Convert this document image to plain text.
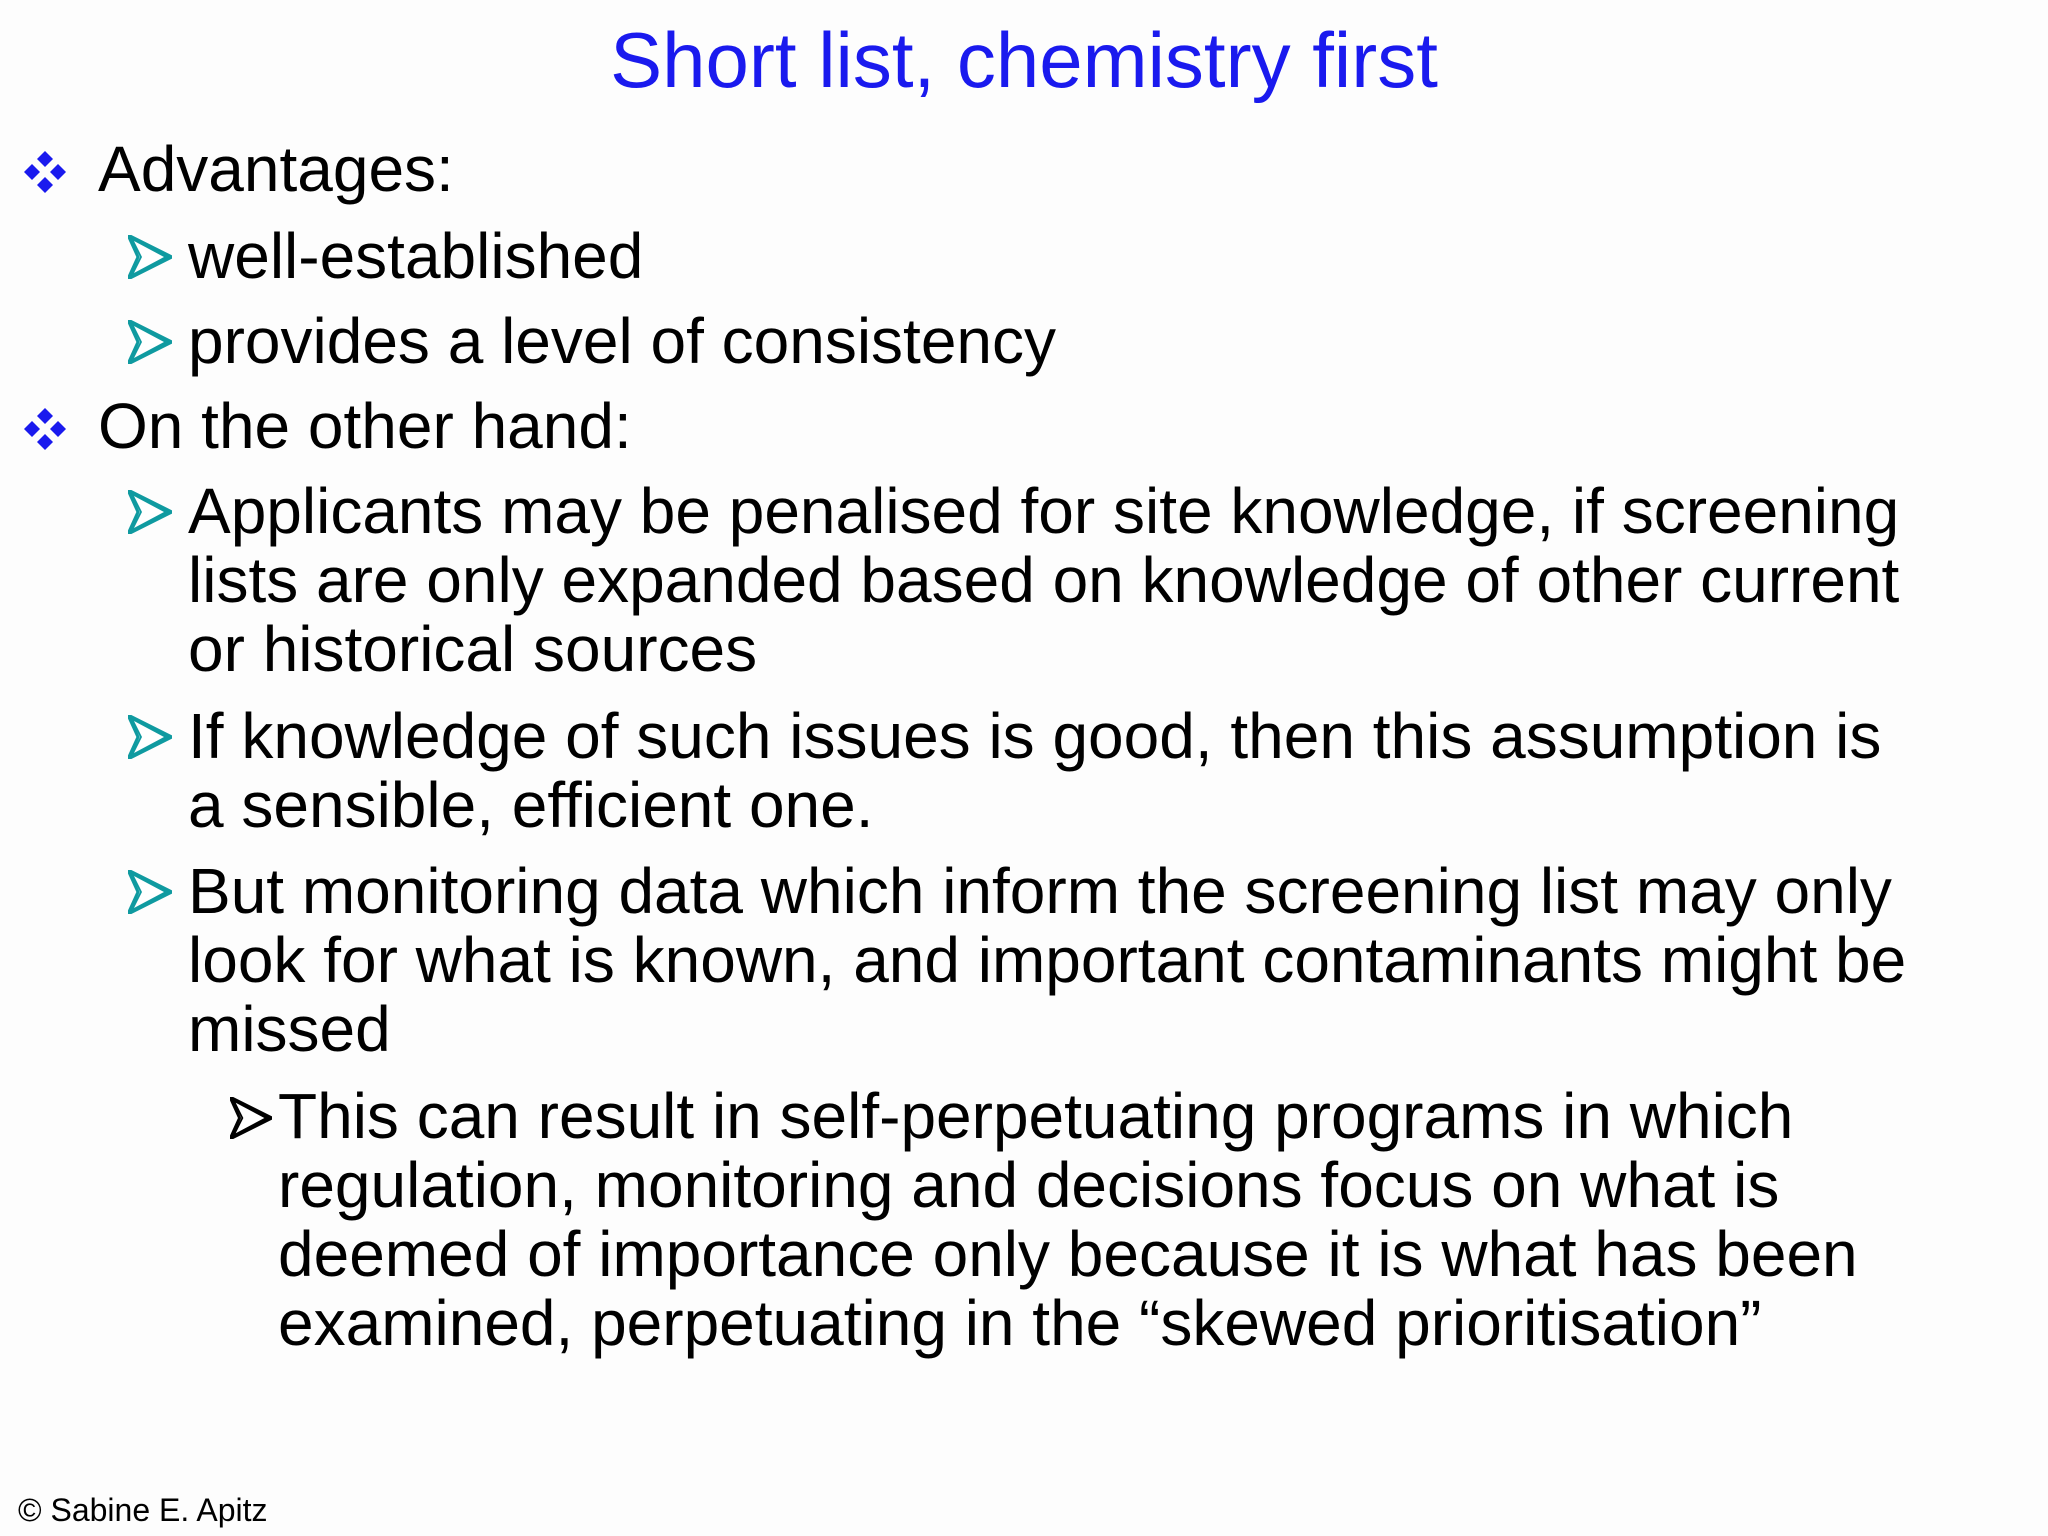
Short list, chemistry first
Advantages:
well-established
provides a level of consistency
On the other hand:
Applicants may be penalised for site knowledge, if screening
lists are only expanded based on knowledge of other current
or historical sources
If knowledge of such issues is good, then this assumption is
a sensible, efficient one.
But monitoring data which inform the screening list may only
look for what is known, and important contaminants might be
missed
This can result in self-perpetuating programs in which
regulation, monitoring and decisions focus on what is
deemed of importance only because it is what has been
examined, perpetuating in the “skewed prioritisation”
© Sabine E. Apitz
